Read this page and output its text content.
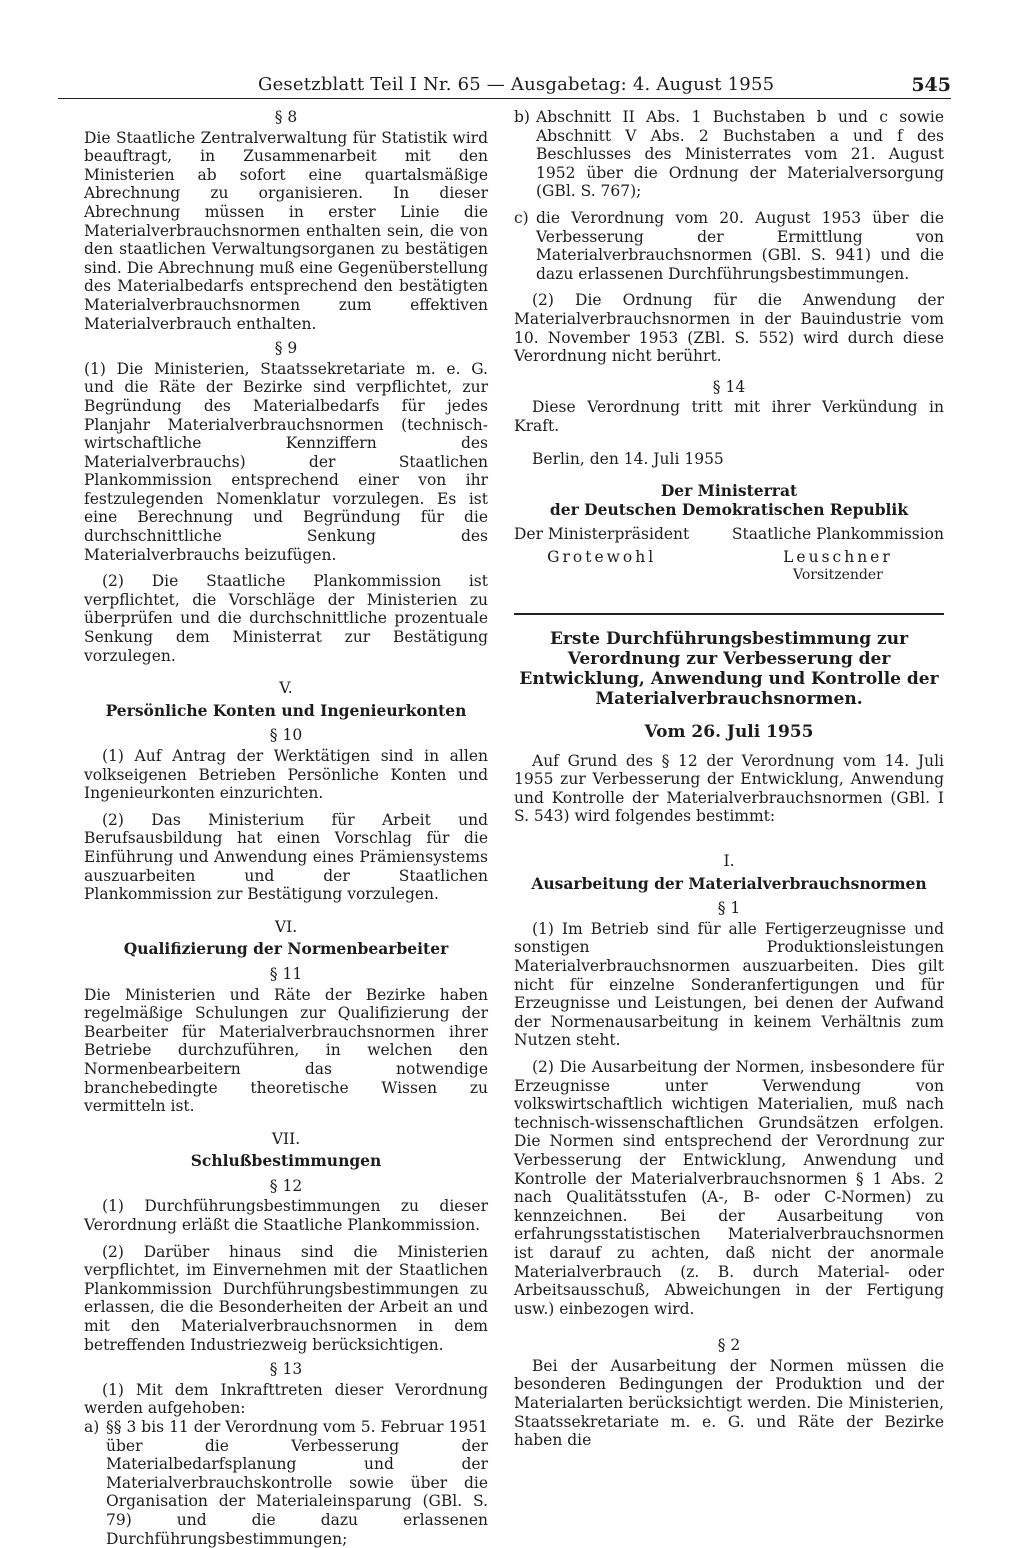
Gesetzblatt Teil I Nr. 65 — Ausgabetag: 4. August 1955	545
§ 8

Die Staatliche Zentralverwaltung für Statistik wird beauftragt, in Zusammenarbeit mit den Ministerien ab sofort eine quartalsmäßige Abrechnung zu organisieren. In dieser Abrechnung müssen in erster Linie die Materialverbrauchsnormen enthalten sein, die von den staatlichen Verwaltungsorganen zu bestätigen sind. Die Abrechnung muß eine Gegenüberstellung des Materialbedarfs entsprechend den bestätigten Materialverbrauchsnormen zum effektiven Materialverbrauch enthalten.

§ 9

(1) Die Ministerien, Staatssekretariate m. e. G. und die Räte der Bezirke sind verpflichtet, zur Begründung des Materialbedarfs für jedes Planjahr Materialverbrauchsnormen (technisch-wirtschaftliche Kennziffern des Materialverbrauchs) der Staatlichen Plankommission entsprechend einer von ihr festzulegenden Nomenklatur vorzulegen. Es ist eine Berechnung und Begründung für die durchschnittliche Senkung des Materialverbrauchs beizufügen.

(2) Die Staatliche Plankommission ist verpflichtet, die Vorschläge der Ministerien zu überprüfen und die durchschnittliche prozentuale Senkung dem Ministerrat zur Bestätigung vorzulegen.

V.
Persönliche Konten und Ingenieurkonten
§ 10

(1) Auf Antrag der Werktätigen sind in allen volkseigenen Betrieben Persönliche Konten und Ingenieurkonten einzurichten.

(2) Das Ministerium für Arbeit und Berufsausbildung hat einen Vorschlag für die Einführung und Anwendung eines Prämiensystems auszuarbeiten und der Staatlichen Plankommission zur Bestätigung vorzulegen.

VI.
Qualifizierung der Normenbearbeiter
§ 11

Die Ministerien und Räte der Bezirke haben regelmäßige Schulungen zur Qualifizierung der Bearbeiter für Materialverbrauchsnormen ihrer Betriebe durchzuführen, in welchen den Normenbearbeitern das notwendige branchebedingte theoretische Wissen zu vermitteln ist.

VII.
Schlußbestimmungen
§ 12

(1) Durchführungsbestimmungen zu dieser Verordnung erläßt die Staatliche Plankommission.

(2) Darüber hinaus sind die Ministerien verpflichtet, im Einvernehmen mit der Staatlichen Plankommission Durchführungsbestimmungen zu erlassen, die die Besonderheiten der Arbeit an und mit den Materialverbrauchsnormen in dem betreffenden Industriezweig berücksichtigen.

§ 13

(1) Mit dem Inkrafttreten dieser Verordnung werden aufgehoben:

a) §§ 3 bis 11 der Verordnung vom 5. Februar 1951 über die Verbesserung der Materialbedarfsplanung und der Materialverbrauchskontrolle sowie über die Organisation der Materialeinsparung (GBl. S. 79) und die dazu erlassenen Durchführungsbestimmungen;
b) Abschnitt II Abs. 1 Buchstaben b und c sowie Abschnitt V Abs. 2 Buchstaben a und f des Beschlusses des Ministerrates vom 21. August 1952 über die Ordnung der Materialversorgung (GBl. S. 767);
c) die Verordnung vom 20. August 1953 über die Verbesserung der Ermittlung von Materialverbrauchsnormen (GBl. S. 941) und die dazu erlassenen Durchführungsbestimmungen.

(2) Die Ordnung für die Anwendung der Materialverbrauchsnormen in der Bauindustrie vom 10. November 1953 (ZBl. S. 552) wird durch diese Verordnung nicht berührt.

§ 14

Diese Verordnung tritt mit ihrer Verkündung in Kraft.

Berlin, den 14. Juli 1955

Der Ministerrat
der Deutschen Demokratischen Republik
Der Ministerpräsident
Grotewohl
Staatliche Plankommission
Leuschner
Vorsitzender
Erste Durchführungsbestimmung zur Verordnung zur Verbesserung der Entwicklung, Anwendung und Kontrolle der Materialverbrauchsnormen.
Vom 26. Juli 1955

Auf Grund des § 12 der Verordnung vom 14. Juli 1955 zur Verbesserung der Entwicklung, Anwendung und Kontrolle der Materialverbrauchsnormen (GBl. I S. 543) wird folgendes bestimmt:

I.
Ausarbeitung der Materialverbrauchsnormen
§ 1

(1) Im Betrieb sind für alle Fertigerzeugnisse und sonstigen Produktionsleistungen Materialverbrauchsnormen auszuarbeiten. Dies gilt nicht für einzelne Sonderanfertigungen und für Erzeugnisse und Leistungen, bei denen der Aufwand der Normenausarbeitung in keinem Verhältnis zum Nutzen steht.

(2) Die Ausarbeitung der Normen, insbesondere für Erzeugnisse unter Verwendung von volkswirtschaftlich wichtigen Materialien, muß nach technisch-wissenschaftlichen Grundsätzen erfolgen. Die Normen sind entsprechend der Verordnung zur Verbesserung der Entwicklung, Anwendung und Kontrolle der Materialverbrauchsnormen § 1 Abs. 2 nach Qualitätsstufen (A-, B- oder C-Normen) zu kennzeichnen. Bei der Ausarbeitung von erfahrungsstatistischen Materialverbrauchsnormen ist darauf zu achten, daß nicht der anormale Materialverbrauch (z. B. durch Material- oder Arbeitsausschuß, Abweichungen in der Fertigung usw.) einbezogen wird.

§ 2

Bei der Ausarbeitung der Normen müssen die besonderen Bedingungen der Produktion und der Materialarten berücksichtigt werden. Die Ministerien, Staatssekretariate m. e. G. und Räte der Bezirke haben die
